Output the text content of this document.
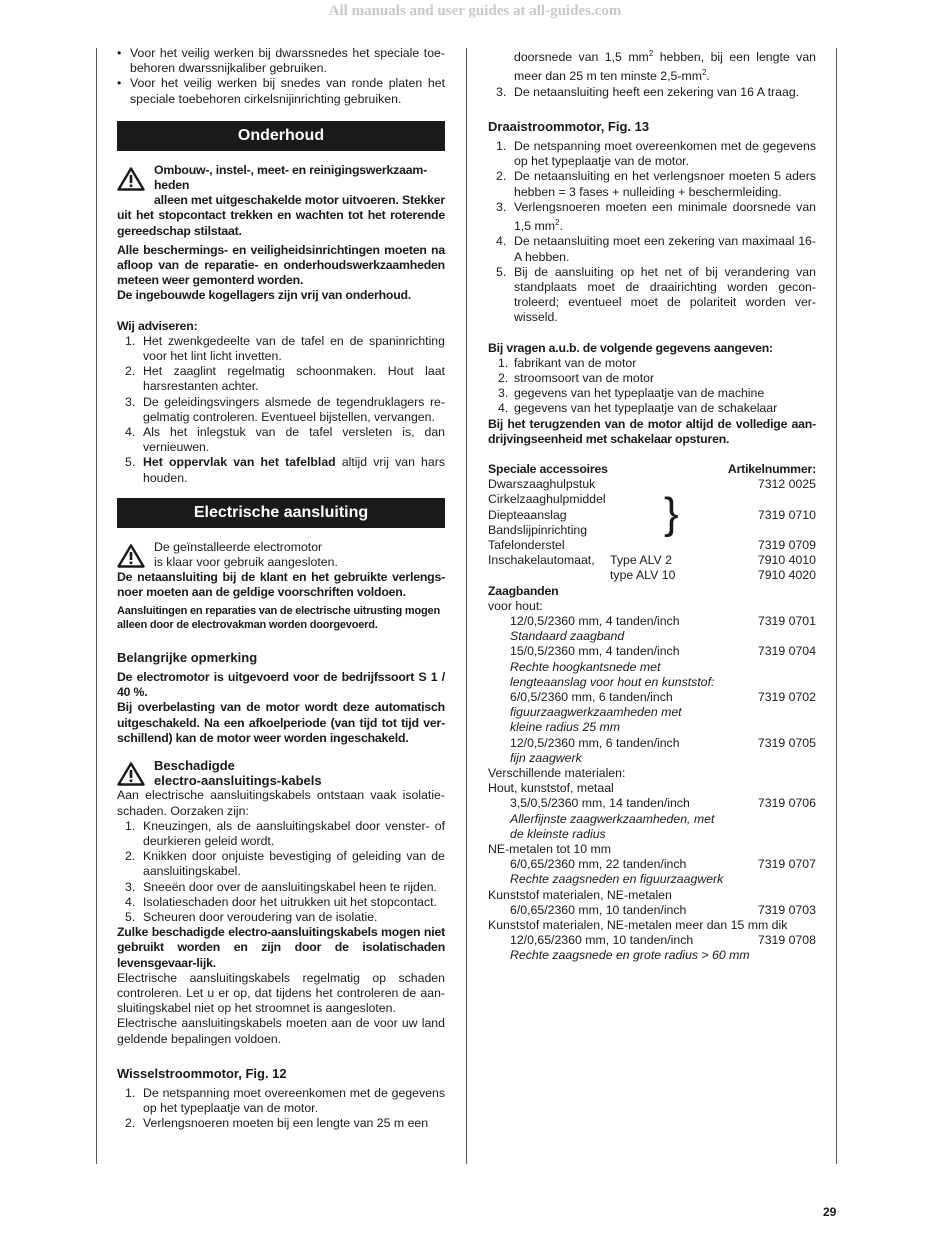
All manuals and user guides at all-guides.com
• Voor het veilig werken bij dwarssnedes het speciale toe-behoren dwarssnijkaliber gebruiken.
• Voor het veilig werken bij snedes van ronde platen het speciale toebehoren cirkelsnijinrichting gebruiken.
Onderhoud

Ombouw-, instel-, meet- en reinigingswerkzaam-heden

alleen met uitgeschakelde motor uitvoeren. Stekker uit het stopcontact trekken en wachten tot het roterende gereedschap stilstaat.

Alle beschermings- en veiligheidsinrichtingen moeten na afloop van de reparatie- en onderhoudswerkzaamheden meteen weer gemonterd worden.

De ingebouwde kogellagers zijn vrij van onderhoud.

Wij adviseren:

1. Het zwenkgedeelte van de tafel en de spaninrichting voor het lint licht invetten.
2. Het zaaglint regelmatig schoonmaken. Hout laat harsrestanten achter.
3. De geleidingsvingers alsmede de tegendruklagers re-gelmatig controleren. Eventueel bijstellen, vervangen.
4. Als het inlegstuk van de tafel versleten is, dan vernieuwen.
5. Het oppervlak van het tafelblad altijd vrij van hars houden.
Electrische aansluiting

De geïnstalleerde electromotor

is klaar voor gebruik aangesloten.

De netaansluiting bij de klant en het gebruikte verlengs-noer moeten aan de geldige voorschriften voldoen.

Aansluitingen en reparaties van de electrische uitrusting mogen alleen door de electrovakman worden doorgevoerd.

Belangrijke opmerking

De electromotor is uitgevoerd voor de bedrijfssoort S 1 / 40 %.

Bij overbelasting van de motor wordt deze automatisch uitgeschakeld. Na een afkoelperiode (van tijd tot tijd ver-schillend) kan de motor weer worden ingeschakeld.

Beschadigde

electro-aansluitings-kabels

Aan electrische aansluitingskabels ontstaan vaak isolatie-schaden. Oorzaken zijn:

1. Kneuzingen, als de aansluitingskabel door venster- of deurkieren geleid wordt.
2. Knikken door onjuiste bevestiging of geleiding van de aansluitingskabel.
3. Sneeën door over de aansluitingskabel heen te rijden.
4. Isolatieschaden door het uitrukken uit het stopcontact.
5. Scheuren door veroudering van de isolatie.

Zulke beschadigde electro-aansluitingskabels mogen niet gebruikt worden en zijn door de isolatischaden levensgevaar-lijk.

Electrische aansluitingskabels regelmatig op schaden controleren. Let u er op, dat tijdens het controleren de aan-sluitingskabel niet op het stroomnet is aangesloten.

Electrische aansluitingskabels moeten aan de voor uw land geldende bepalingen voldoen.

Wisselstroommotor, Fig. 12
1. De netspanning moet overeenkomen met de gegevens op het typeplaatje van de motor.
2. Verlengsnoeren moeten bij een lengte van 25 m een

doorsnede van 1,5 $mm^2$ hebben, bij een lengte van meer dan 25 m ten minste $2,5-mm^2$.

3. De netaansluiting heeft een zekering van 16 A traag.
Draaistroommotor, Fig. 13
1. De netspanning moet overeenkomen met de gegevens op het typeplaatje van de motor.
2. De netaansluiting en het verlengsnoer moeten 5 aders hebben = 3 fases + nulleiding + beschermleiding.
3. Verlengsnoeren moeten een minimale doorsnede van 1,5 $mm^2$.
4. De netaansluiting moet een zekering van maximaal 16-A hebben.
5. Bij de aansluiting op het net of bij verandering van standplaats moet de draairichting worden gecon-troleerd; eventueel moet de polariteit worden ver-wisseld.

Bij vragen a.u.b. de volgende gegevens aangeven:

1. fabrikant van de motor
2. stroomsoort van de motor
3. gegevens van het typeplaatje van de machine
4. gegevens van het typeplaatje van de schakelaar

Bij het terugzenden van de motor altijd de volledige aan-drijvingseenheid met schakelaar opsturen.

Speciale accessoires	Artikelnummer:
Dwarszaaghulpstuk	7312 0025
Cirkelzaaghulpmiddel
Diepteaanslag	7319 0710
Bandslijpinrichting	}
Tafelonderstel	7319 0709
Inschakelautomaat,	Type ALV 2	7910 4010
type ALV 10	7910 4020

Zaagbanden

voor hout:

12/0,5/2360 mm, 4 tanden/inch	7319 0701

Standaard zaagband

15/0,5/2360 mm, 4 tanden/inch	7319 0704

Rechte hoogkantsnede met

lengteaanslag voor hout en kunststof:

6/0,5/2360 mm, 6 tanden/inch	7319 0702

figuurzaagwerkzaamheden met

kleine radius 25 mm

12/0,5/2360 mm, 6 tanden/inch	7319 0705

fijn zaagwerk

Verschillende materialen:

Hout, kunststof, metaal

3,5/0,5/2360 mm, 14 tanden/inch	7319 0706

Allerfijnste zaagwerkzaamheden, met

de kleinste radius

NE-metalen tot 10 mm

6/0,65/2360 mm, 22 tanden/inch	7319 0707

Rechte zaagsneden en figuurzaagwerk

Kunststof materialen, NE-metalen

6/0,65/2360 mm, 10 tanden/inch	7319 0703

Kunststof materialen, NE-metalen meer dan 15 mm dik

12/0,65/2360 mm, 10 tanden/inch	7319 0708

Rechte zaagsnede en grote radius > 60 mm

29
